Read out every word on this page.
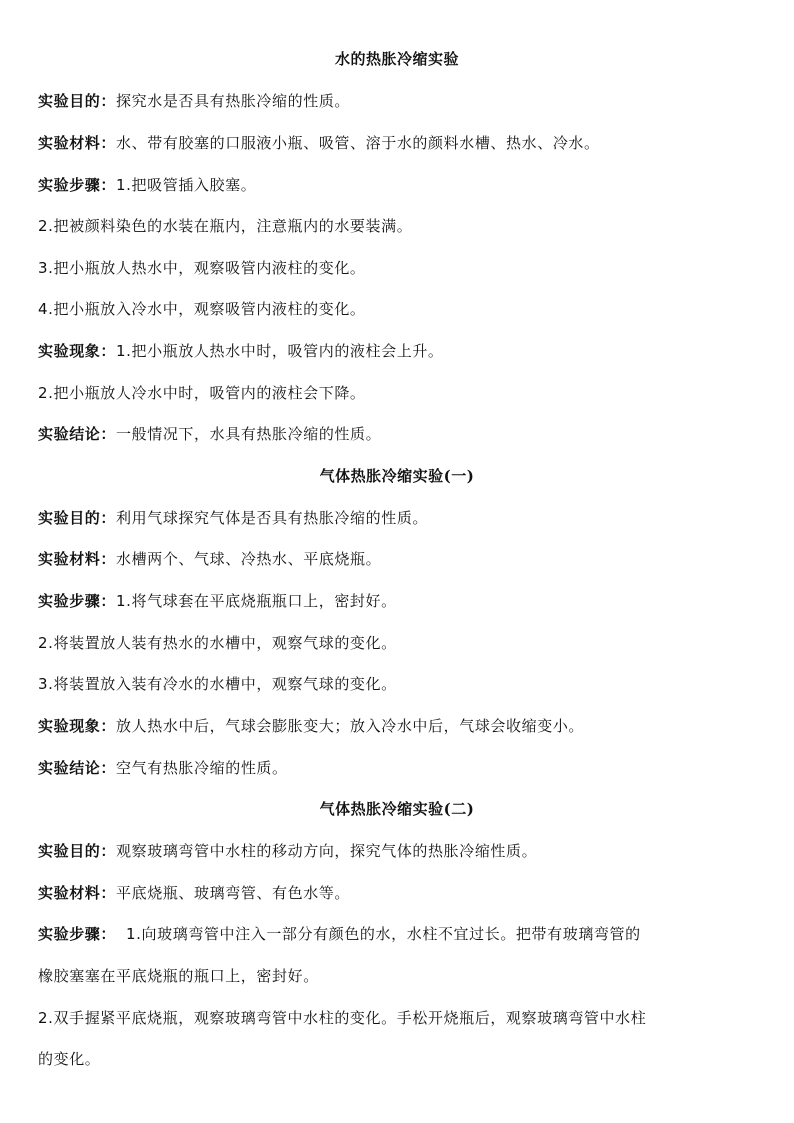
水的热胀冷缩实验
实验目的：探究水是否具有热胀冷缩的性质。
实验材料：水、带有胶塞的口服液小瓶、吸管、溶于水的颜料水槽、热水、冷水。
实验步骤：1.把吸管插入胶塞。
2.把被颜料染色的水装在瓶内，注意瓶内的水要装满。
3.把小瓶放人热水中，观察吸管内液柱的变化。
4.把小瓶放入冷水中，观察吸管内液柱的变化。
实验现象：1.把小瓶放人热水中时，吸管内的液柱会上升。
2.把小瓶放人冷水中时，吸管内的液柱会下降。
实验结论：一般情况下，水具有热胀冷缩的性质。
气体热胀冷缩实验(一)
实验目的：利用气球探究气体是否具有热胀冷缩的性质。
实验材料：水槽两个、气球、冷热水、平底烧瓶。
实验步骤：1.将气球套在平底烧瓶瓶口上，密封好。
2.将装置放人装有热水的水槽中，观察气球的变化。
3.将装置放入装有冷水的水槽中，观察气球的变化。
实验现象：放人热水中后，气球会膨胀变大；放入冷水中后，气球会收缩变小。
实验结论：空气有热胀冷缩的性质。
气体热胀冷缩实验(二)
实验目的：观察玻璃弯管中水柱的移动方向，探究气体的热胀冷缩性质。
实验材料：平底烧瓶、玻璃弯管、有色水等。
实验步骤： 1.向玻璃弯管中注入一部分有颜色的水，水柱不宜过长。把带有玻璃弯管的
橡胶塞塞在平底烧瓶的瓶口上，密封好。
2.双手握紧平底烧瓶，观察玻璃弯管中水柱的变化。手松开烧瓶后，观察玻璃弯管中水柱
的变化。
